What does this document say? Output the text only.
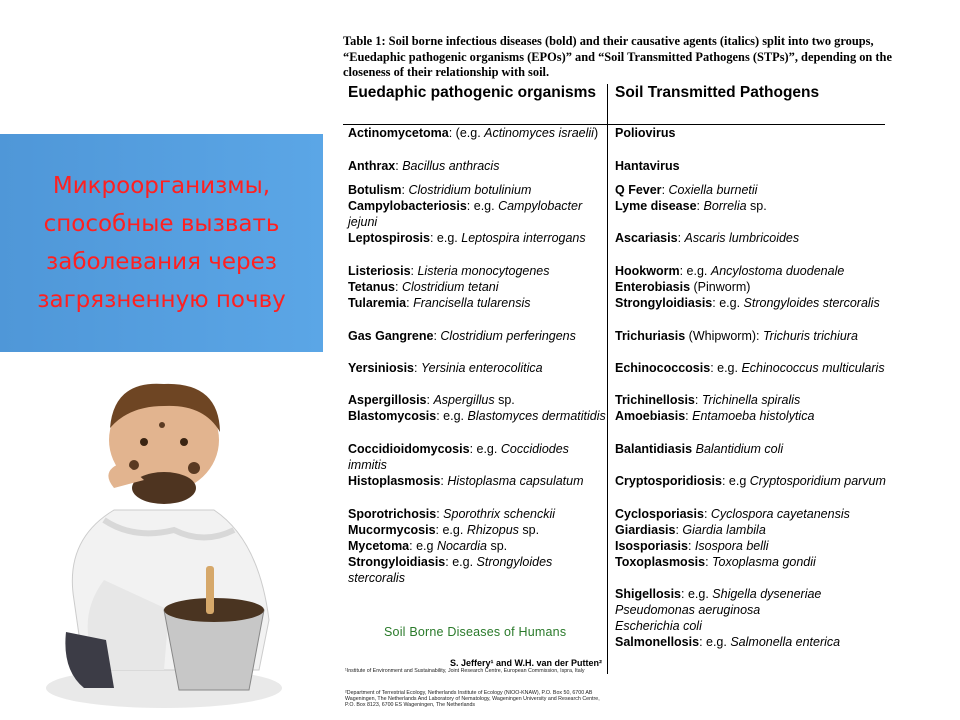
Микроорганизмы,
способные вызвать
заболевания через
загрязненную почву
Table 1: Soil borne infectious diseases (bold) and their causative agents (italics) split into two groups, “Euedaphic pathogenic organisms (EPOs)” and “Soil Transmitted Pathogens (STPs)”, depending on the closeness of their relationship with soil.
Euedaphic pathogenic organisms
Actinomycetoma: (e.g. Actinomyces israelii)
Anthrax: Bacillus anthracis
Botulism: Clostridium botulinium
Campylobacteriosis: e.g. Campylobacter jejuni
Leptospirosis: e.g. Leptospira interrogans
Listeriosis: Listeria monocytogenes
Tetanus: Clostridium tetani
Tularemia: Francisella tularensis
Gas Gangrene: Clostridium perferingens
Yersiniosis: Yersinia enterocolitica
Aspergillosis: Aspergillus sp.
Blastomycosis: e.g. Blastomyces dermatitidis
Coccidioidomycosis: e.g. Coccidiodes immitis
Histoplasmosis: Histoplasma capsulatum
Sporotrichosis: Sporothrix schenckii
Mucormycosis: e.g. Rhizopus sp.
Mycetoma: e.g Nocardia sp.
Strongyloidiasis: e.g. Strongyloides stercoralis
Soil Transmitted Pathogens
Poliovirus
Hantavirus
Q Fever: Coxiella burnetii
Lyme disease: Borrelia sp.
Ascariasis: Ascaris lumbricoides
Hookworm: e.g. Ancylostoma duodenale
Enterobiasis (Pinworm)
Strongyloidiasis: e.g. Strongyloides stercoralis
Trichuriasis (Whipworm): Trichuris trichiura
Echinococcosis: e.g. Echinococcus multicularis
Trichinellosis: Trichinella spiralis
Amoebiasis: Entamoeba histolytica
Balantidiasis Balantidium coli
Cryptosporidiosis: e.g Cryptosporidium parvum
Cyclosporiasis: Cyclospora cayetanensis
Giardiasis: Giardia lambila
Isosporiasis: Isospora belli
Toxoplasmosis: Toxoplasma gondii
Shigellosis: e.g. Shigella dyseneriae
Pseudomonas aeruginosa
Escherichia coli
Salmonellosis: e.g. Salmonella enterica
Soil Borne Diseases of Humans
S. Jeffery¹ and W.H. van der Putten²
¹Institute of Environment and Sustainability, Joint Research Centre, European Commission, Ispra, Italy
²Department of Terrestrial Ecology, Netherlands Institute of Ecology (NIOO-KNAW), P.O. Box 50, 6700 AB Wageningen, The Netherlands And Laboratory of Nematology, Wageningen University and Research Centre, P.O. Box 8123, 6700 ES Wageningen, The Netherlands
